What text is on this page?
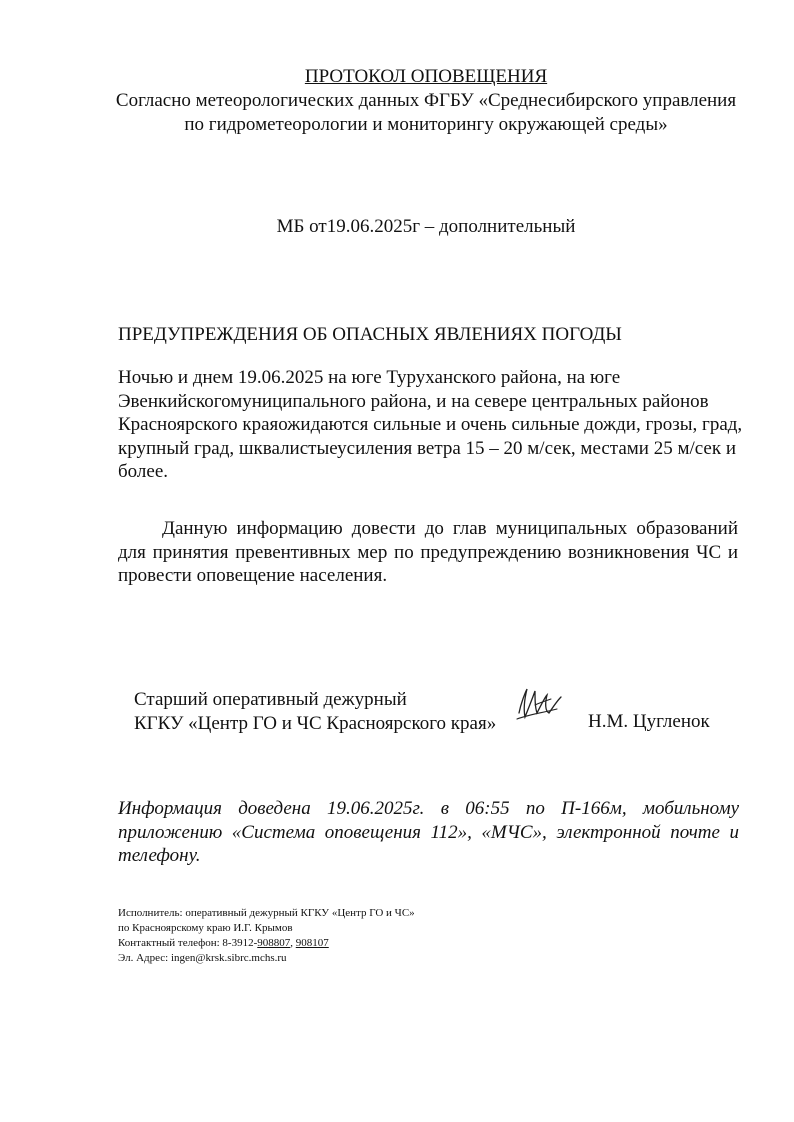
ПРОТОКОЛ ОПОВЕЩЕНИЯ
Согласно метеорологических данных ФГБУ «Среднесибирского управления
по гидрометеорологии и мониторингу окружающей среды»
МБ от19.06.2025г – дополнительный
ПРЕДУПРЕЖДЕНИЯ ОБ ОПАСНЫХ ЯВЛЕНИЯХ ПОГОДЫ
Ночью и днем 19.06.2025 на юге Туруханского района, на юге
Эвенкийскогомуниципального района, и на севере центральных районов
Красноярского краяожидаются сильные и очень сильные дожди, грозы, град,
крупный град, шквалистыеусиления ветра 15 – 20 м/сек, местами 25 м/сек и
более.
Данную информацию довести до глав муниципальных образований для принятия превентивных мер по предупреждению возникновения ЧС и провести оповещение населения.
Старший оперативный дежурный
КГКУ «Центр ГО и ЧС Красноярского края»	Н.М. Цугленок
Информация доведена 19.06.2025г. в 06:55 по П-166м, мобильному приложению «Система оповещения 112», «МЧС», электронной почте и телефону.
Исполнитель: оперативный дежурный КГКУ «Центр ГО и ЧС»
по Красноярскому краю И.Г. Крымов
Контактный телефон: 8-3912-908807, 908107
Эл. Адрес: ingen@krsk.sibrc.mchs.ru
